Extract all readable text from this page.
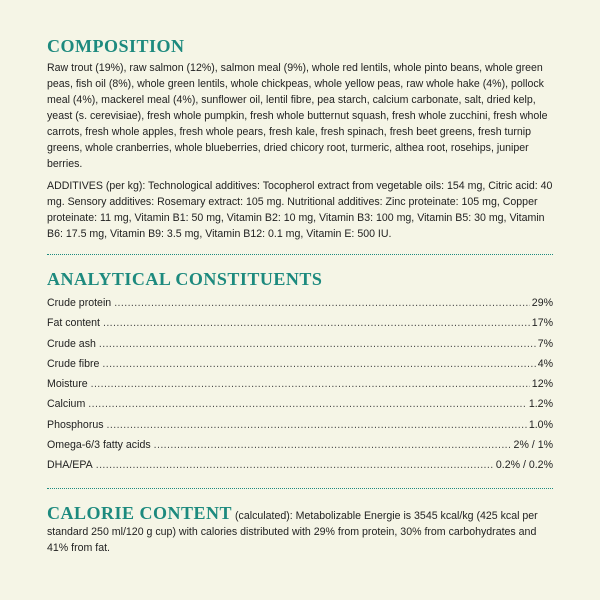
COMPOSITION

Raw trout (19%), raw salmon (12%), salmon meal (9%), whole red lentils, whole pinto beans, whole green peas, fish oil (8%), whole green lentils, whole chickpeas, whole yellow peas, raw whole hake (4%), pollock meal (4%), mackerel meal (4%), sunflower oil, lentil fibre, pea starch, calcium carbonate, salt, dried kelp, yeast (s. cerevisiae), fresh whole pumpkin, fresh whole butternut squash, fresh whole zucchini, fresh whole carrots, fresh whole apples, fresh whole pears, fresh kale, fresh spinach, fresh beet greens, fresh turnip greens, whole cranberries, whole blueberries, dried chicory root, turmeric, althea root, rosehips, juniper berries.

ADDITIVES (per kg): Technological additives: Tocopherol extract from vegetable oils: 154 mg, Citric acid: 40 mg. Sensory additives: Rosemary extract: 105 mg. Nutritional additives: Zinc proteinate: 105 mg, Copper proteinate: 11 mg, Vitamin B1: 50 mg, Vitamin B2: 10 mg, Vitamin B3: 100 mg, Vitamin B5: 30 mg, Vitamin B6: 17.5 mg, Vitamin B9: 3.5 mg, Vitamin B12: 0.1 mg, Vitamin E: 500 IU.

ANALYTICAL CONSTITUENTS
Crude protein .....	29%
Fat content .....	17%
Crude ash .....	7%
Crude fibre .....	4%
Moisture .....	12%
Calcium .....	1.2%
Phosphorus .....	1.0%
Omega-6/3 fatty acids .....	2% / 1%
DHA/EPA .....	0.2% / 0.2%

CALORIE CONTENT (calculated): Metabolizable Energie is 3545 kcal/kg (425 kcal per standard 250 ml/120 g cup) with calories distributed with 29% from protein, 30% from carbohydrates and 41% from fat.
